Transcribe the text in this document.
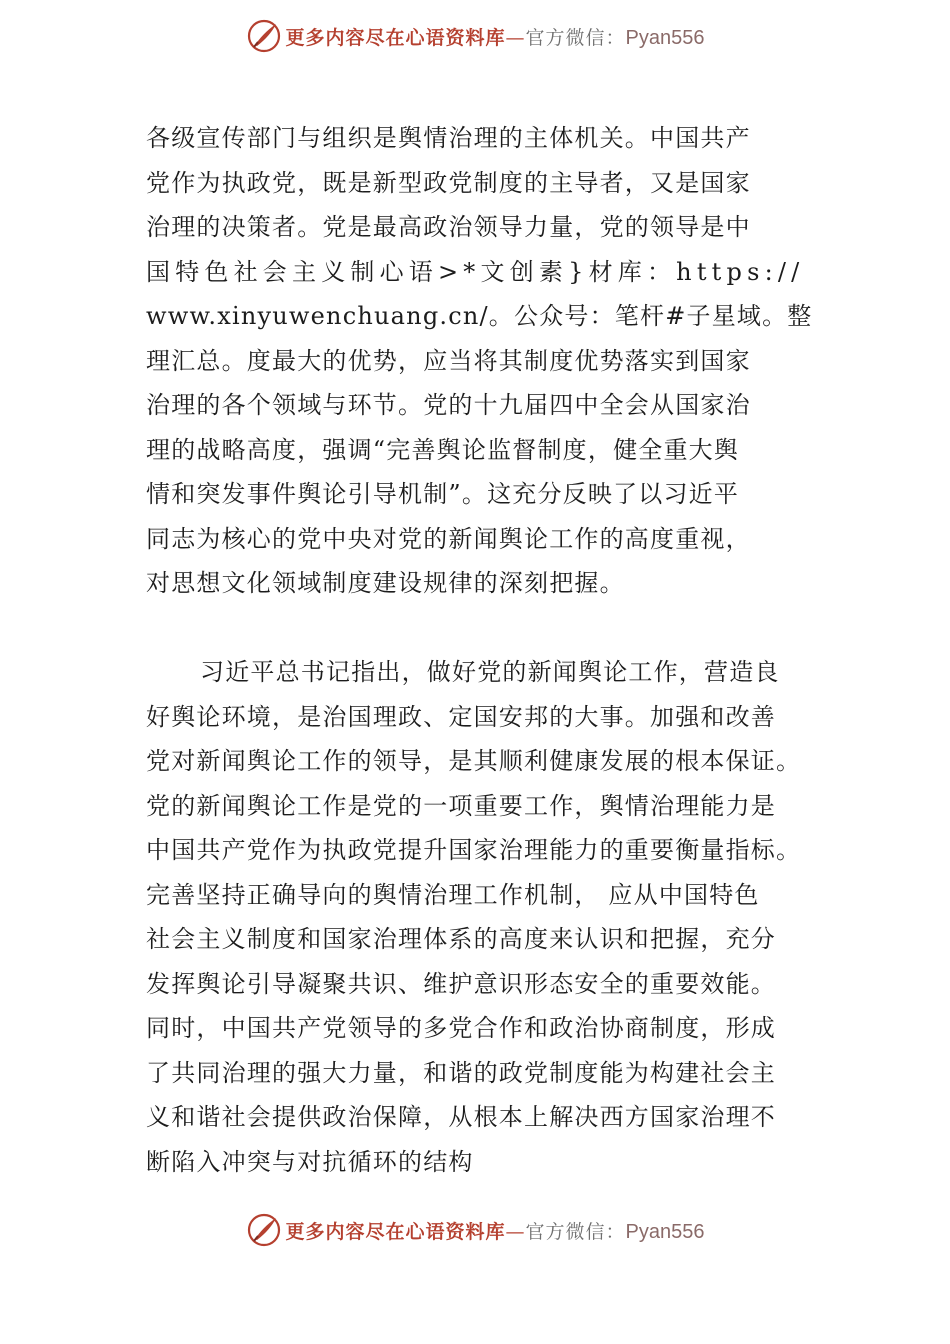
更多内容尽在心语资料库—官方微信：Pyan556
各级宣传部门与组织是舆情治理的主体机关。中国共产
党作为执政党，既是新型政党制度的主导者，又是国家
治理的决策者。党是最高政治领导力量，党的领导是中
国特色社会主义制心语>*文创素}材库：https://
www.xinyuwenchuang.cn/。公众号：笔杆#子星域。整
理汇总。度最大的优势，应当将其制度优势落实到国家
治理的各个领域与环节。党的十九届四中全会从国家治
理的战略高度，强调“完善舆论监督制度，健全重大舆
情和突发事件舆论引导机制”。这充分反映了以习近平
同志为核心的党中央对党的新闻舆论工作的高度重视，
对思想文化领域制度建设规律的深刻把握。
习近平总书记指出，做好党的新闻舆论工作，营造良
好舆论环境，是治国理政、定国安邦的大事。加强和改善
党对新闻舆论工作的领导，是其顺利健康发展的根本保证。
党的新闻舆论工作是党的一项重要工作，舆情治理能力是
中国共产党作为执政党提升国家治理能力的重要衡量指标。
完善坚持正确导向的舆情治理工作机制， 应从中国特色
社会主义制度和国家治理体系的高度来认识和把握，充分
发挥舆论引导凝聚共识、维护意识形态安全的重要效能。
同时，中国共产党领导的多党合作和政治协商制度，形成
了共同治理的强大力量，和谐的政党制度能为构建社会主
义和谐社会提供政治保障，从根本上解决西方国家治理不
断陷入冲突与对抗循环的结构
更多内容尽在心语资料库—官方微信：Pyan556
